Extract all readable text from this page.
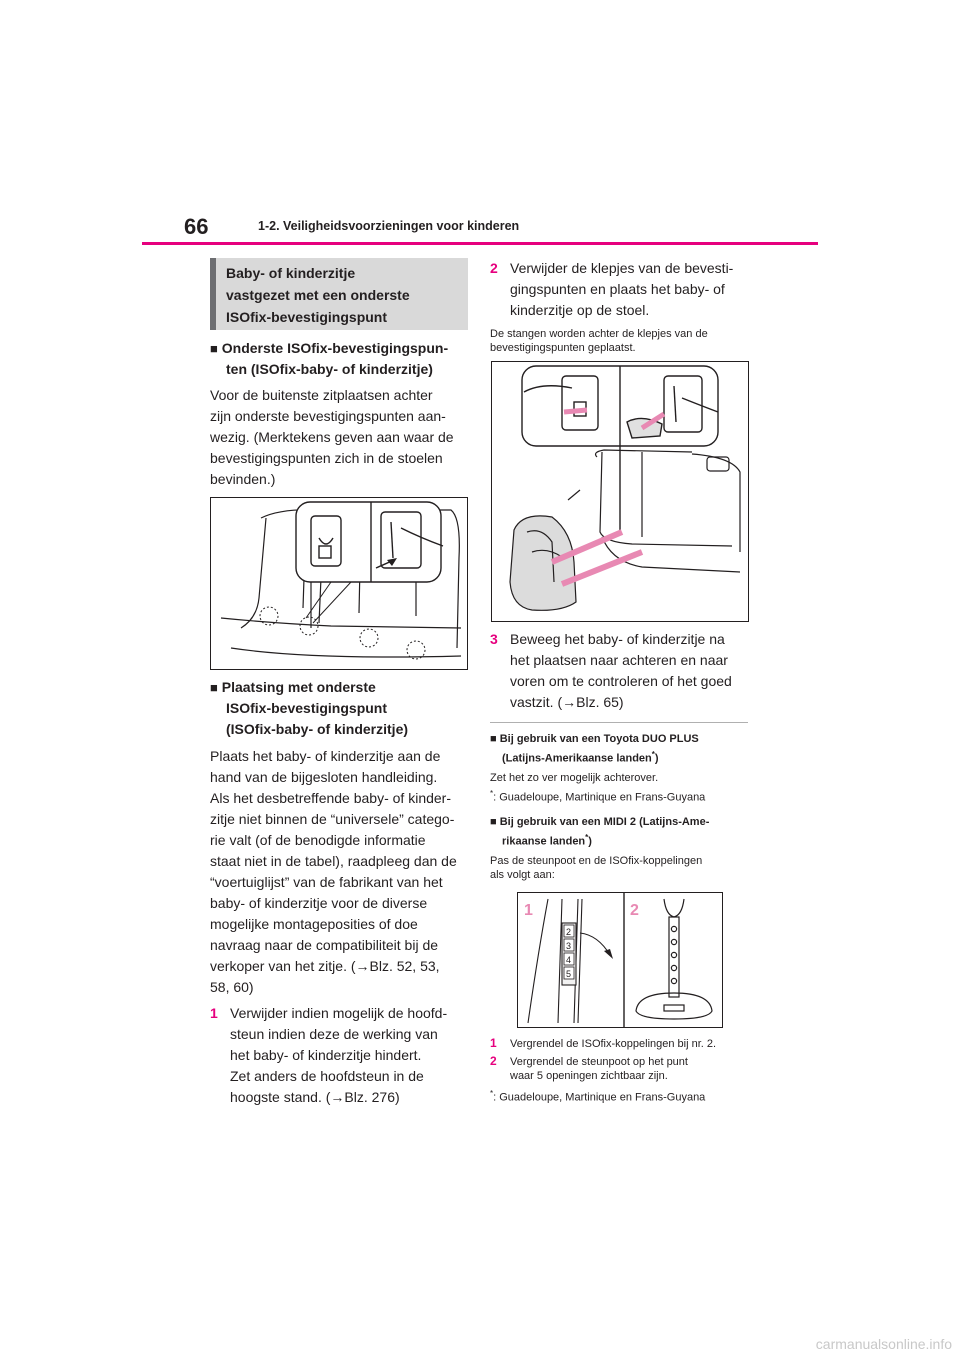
66	1-2. Veiligheidsvoorzieningen voor kinderen
Baby- of kinderzitje
vastgezet met een onderste
ISOfix-bevestigingspunt
■ Onderste ISOfix-bevestigingspun-
ten (ISOfix-baby- of kinderzitje)
Voor de buitenste zitplaatsen achter
zijn onderste bevestigingspunten aan-
wezig. (Merktekens geven aan waar de
bevestigingspunten zich in de stoelen
bevinden.)
■ Plaatsing met onderste
ISOfix-bevestigingspunt
(ISOfix-baby- of kinderzitje)
Plaats het baby- of kinderzitje aan de
hand van de bijgesloten handleiding.
Als het desbetreffende baby- of kinder-
zitje niet binnen de “universele” catego-
rie valt (of de benodigde informatie
staat niet in de tabel), raadpleeg dan de
“voertuiglijst” van de fabrikant van het
baby- of kinderzitje voor de diverse
mogelijke montageposities of doe
navraag naar de compatibiliteit bij de
verkoper van het zitje. (→Blz. 52, 53,
58, 60)
1 Verwijder indien mogelijk de hoofd-
steun indien deze de werking van
het baby- of kinderzitje hindert.
Zet anders de hoofdsteun in de
hoogste stand. (→Blz. 276)
2 Verwijder de klepjes van de bevesti-
gingspunten en plaats het baby- of
kinderzitje op de stoel.
De stangen worden achter de klepjes van de
bevestigingspunten geplaatst.
3 Beweeg het baby- of kinderzitje na
het plaatsen naar achteren en naar
voren om te controleren of het goed
vastzit. (→Blz. 65)
■ Bij gebruik van een Toyota DUO PLUS
(Latijns-Amerikaanse landen*)
Zet het zo ver mogelijk achterover.
*: Guadeloupe, Martinique en Frans-Guyana
■ Bij gebruik van een MIDI 2 (Latijns-Ame-
rikaanse landen*)
Pas de steunpoot en de ISOfix-koppelingen
als volgt aan:
1	2
2
3
4
5
1 Vergrendel de ISOfix-koppelingen bij nr. 2.
2 Vergrendel de steunpoot op het punt
waar 5 openingen zichtbaar zijn.
*: Guadeloupe, Martinique en Frans-Guyana
carmanualsonline.info
